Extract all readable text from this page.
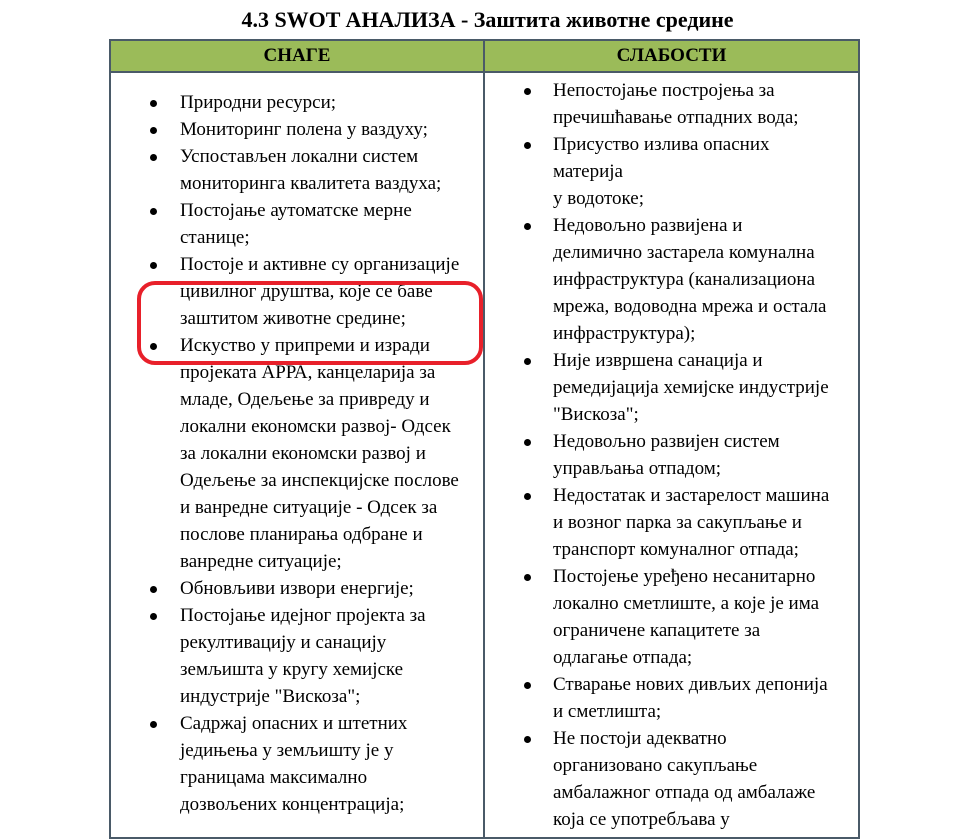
4.3 SWOT АНАЛИЗА - Заштита животне средине
СНАГЕ	СЛАБОСТИ
Природни ресурси;
Мониторинг полена у ваздуху;
Успостављен локални систем
мониторинга квалитета ваздуха;
Постојање аутоматске мерне
станице;
Постоје и активне су организације
цивилног друштва, које се баве
заштитом животне средине;
Искуство у припреми и изради
пројеката АРРА, канцеларија за
младе, Одељење за привреду и
локални економски развој- Одсек
за локални економски развој и
Одељење за инспекцијске послове
и ванредне ситуације - Одсек за
послове планирања одбране и
ванредне ситуације;
Обновљиви извори енергије;
Постојање идејног пројекта за
рекултивацију и санацију
земљишта у кругу хемијске
индустрије "Вискоза";
Садржај опасних и штетних
једињења у земљишту је у
границама максимално
дозвољених концентрација;
Непостојање постројења за
пречишћавање отпадних вода;
Присуство излива опасних
материја
у водотоке;
Недовољно развијена и
делимично застарела комунална
инфраструктура (канализациона
мрежа, водоводна мрежа и остала
инфраструктура);
Није извршена санација и
ремедијација хемијске индустрије
"Вискоза";
Недовољно развијен систем
управљања отпадом;
Недостатак и застарелост машина
и возног парка за сакупљање и
транспорт комуналног отпада;
Постојење уређено несанитарно
локално сметлиште, а које је има
ограничене капацитете за
одлагање отпада;
Стварање нових дивљих депонија
и сметлишта;
Не постоји адекватно
организовано сакупљање
амбалажног отпада од амбалаже
која се употребљава у
